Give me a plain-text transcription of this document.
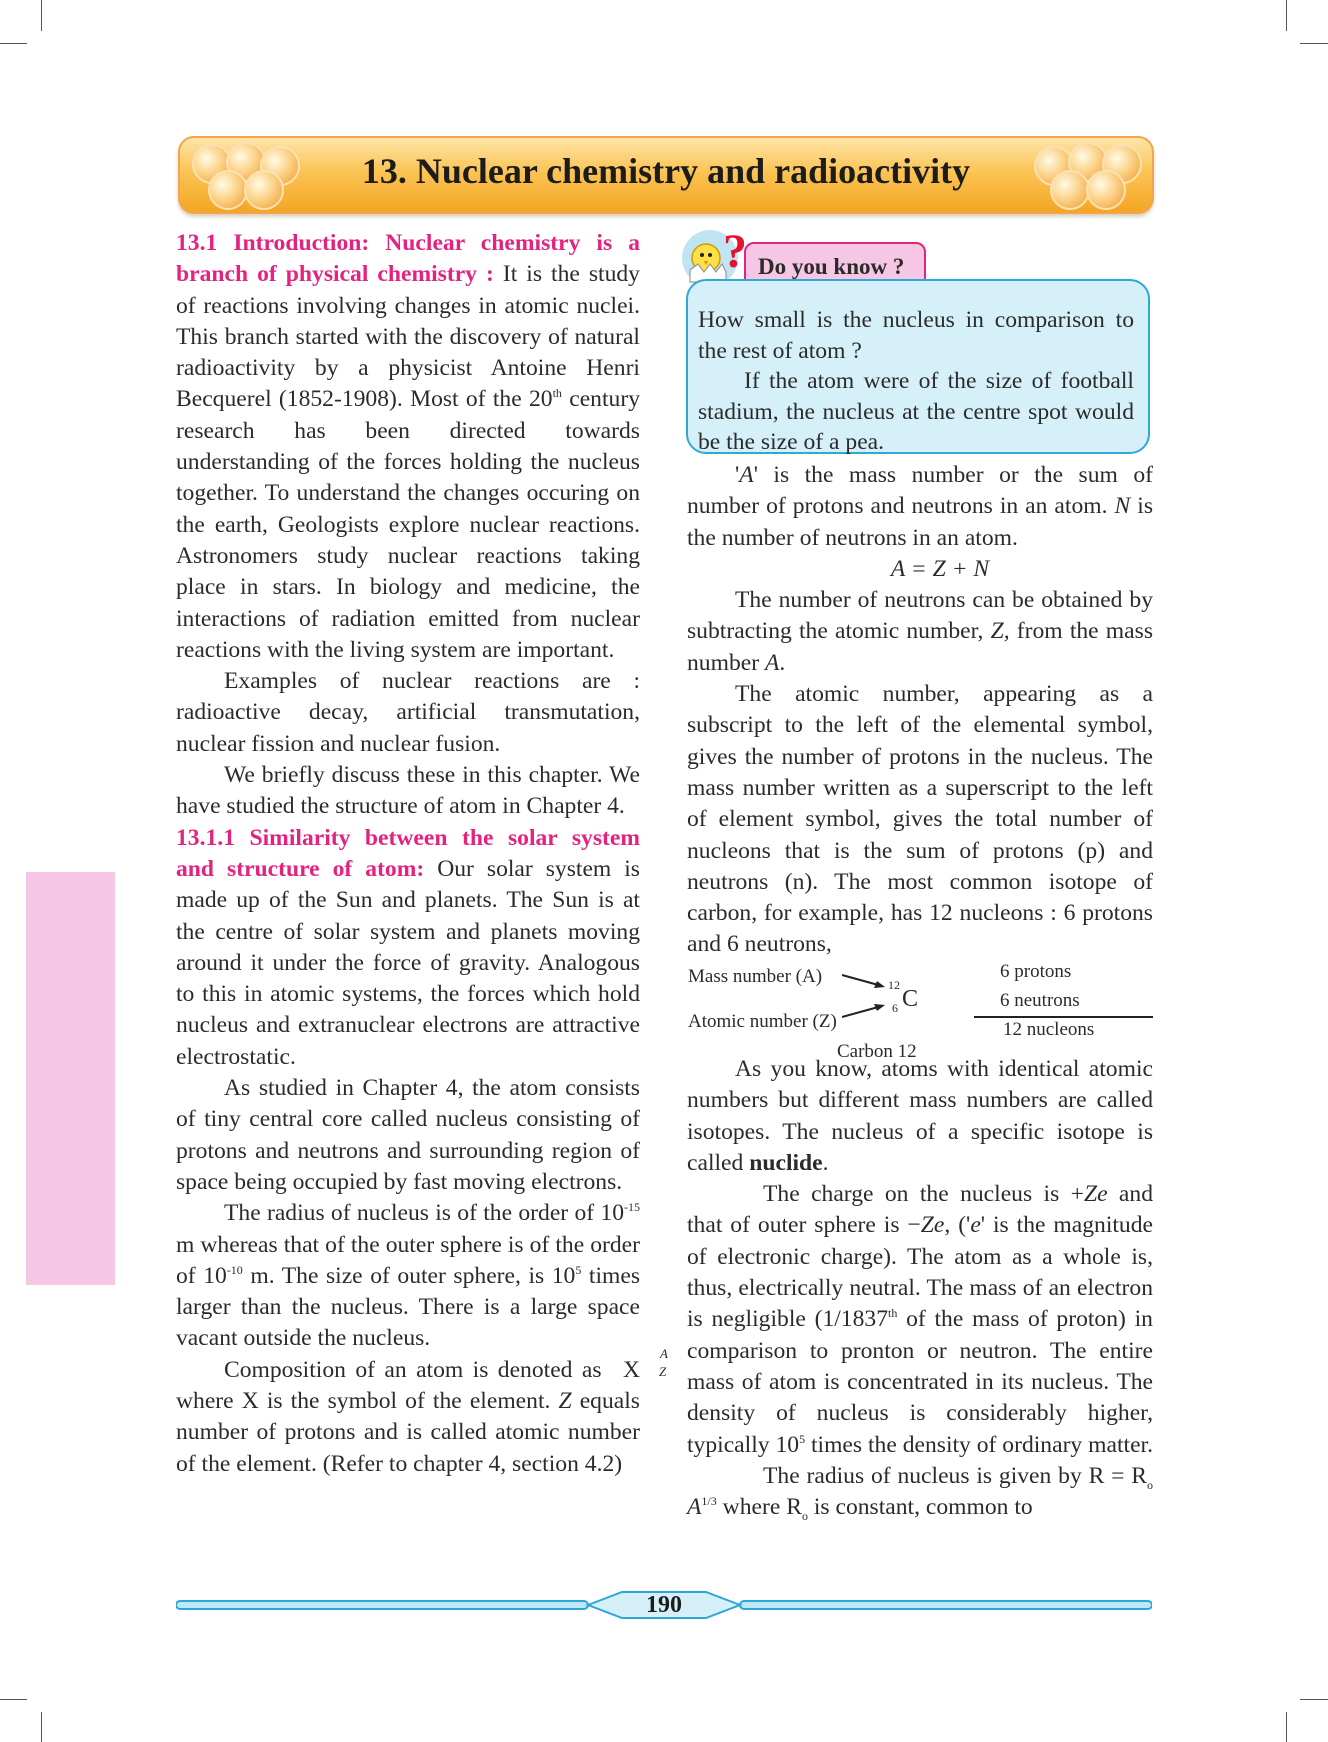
13. Nuclear chemistry and radioactivity

13.1 Introduction: Nuclear chemistry is a branch of physical chemistry : It is the study of reactions involving changes in atomic nuclei. This branch started with the discovery of natural radioactivity by a physicist Antoine Henri Becquerel (1852-1908). Most of the 20th century research has been directed towards understanding of the forces holding the nucleus together. To understand the changes occuring on the earth, Geologists explore nuclear reactions. Astronomers study nuclear reactions taking place in stars. In biology and medicine, the interactions of radiation emitted from nuclear reactions with the living system are important.

Examples of nuclear reactions are : radioactive decay, artificial transmutation, nuclear fission and nuclear fusion.

We briefly discuss these in this chapter. We have studied the structure of atom in Chapter 4.

13.1.1 Similarity between the solar system and structure of atom: Our solar system is made up of the Sun and planets. The Sun is at the centre of solar system and planets moving around it under the force of gravity. Analogous to this in atomic systems, the forces which hold nucleus and extranuclear electrons are attractive electrostatic.

As studied in Chapter 4, the atom consists of tiny central core called nucleus consisting of protons and neutrons and surrounding region of space being occupied by fast moving electrons.

The radius of nucleus is of the order of $10^{-15}$ m whereas that of the outer sphere is of the order of $10^{-10}$ m. The size of outer sphere, is $10^5$ times larger than the nucleus. There is a large space vacant outside the nucleus.

Composition of an atom is denoted as
A
Z
X where X is the symbol of the element. Z equals number of protons and is called atomic number of the element. (Refer to chapter 4, section 4.2)

Do you know ?
?

How small is the nucleus in comparison to the rest of atom ?

If the atom were of the size of football stadium, the nucleus at the centre spot would be the size of a pea.

'A' is the mass number or the sum of number of protons and neutrons in an atom. N is the number of neutrons in an atom.

A = Z + N

The number of neutrons can be obtained by subtracting the atomic number, Z, from the mass number A.

The atomic number, appearing as a subscript to the left of the elemental symbol, gives the number of protons in the nucleus. The mass number written as a superscript to the left of element symbol, gives the total number of nucleons that is the sum of protons (p) and neutrons (n). The most common isotope of carbon, for example, has 12 nucleons : 6 protons and 6 neutrons,

Mass number (A)
Atomic number (Z)
12
6 C
Carbon 12
6 protons
6 neutrons
12 nucleons

As you know, atoms with identical atomic numbers but different mass numbers are called isotopes. The nucleus of a specific isotope is called nuclide.

The charge on the nucleus is +Ze and that of outer sphere is −Ze, ('e' is the magnitude of electronic charge). The atom as a whole is, thus, electrically neutral. The mass of an electron is negligible (1/1837th of the mass of proton) in comparison to pronton or neutron. The entire mass of atom is concentrated in its nucleus. The density of nucleus is considerably higher, typically $10^5$ times the density of ordinary matter.

The radius of nucleus is given by $R = R_o$ $A^{1/3}$ where $R_o$ is constant, common to

190
